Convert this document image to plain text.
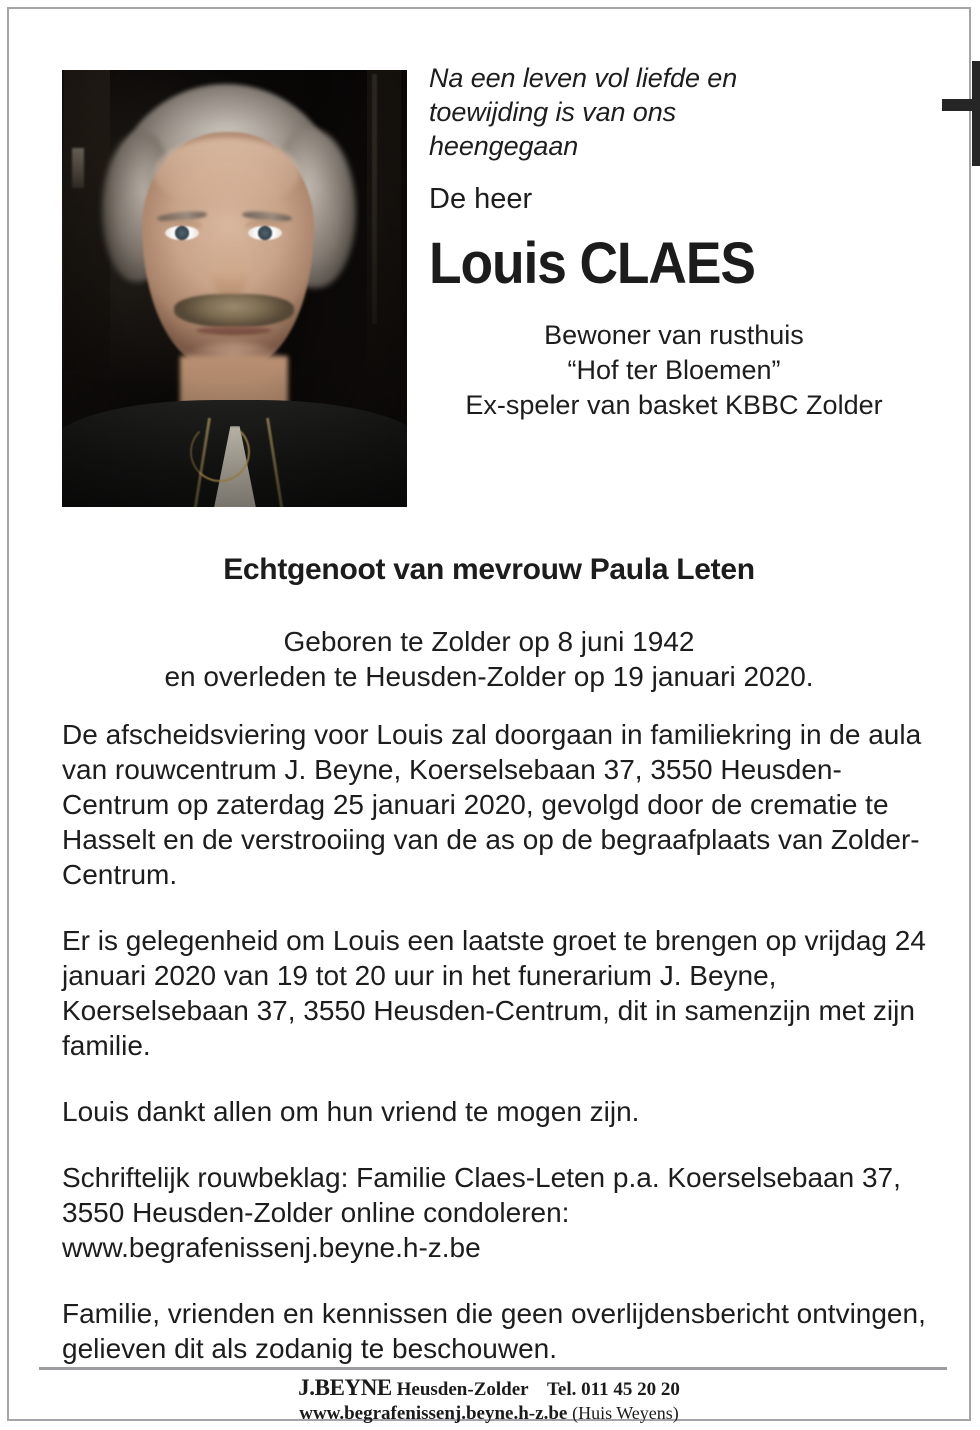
Na een leven vol liefde en toewijding is van ons heengegaan
De heer
Louis CLAES
Bewoner van rusthuis
“Hof ter Bloemen”
Ex-speler van basket KBBC Zolder
Echtgenoot van mevrouw Paula Leten
Geboren te Zolder op 8 juni 1942
en overleden te Heusden-Zolder op 19 januari 2020.

De afscheidsviering voor Louis zal doorgaan in familiekring in de aula van rouwcentrum J. Beyne, Koerselsebaan 37, 3550 Heusden-Centrum op zaterdag 25 januari 2020, gevolgd door de crematie te Hasselt en de verstrooiing van de as op de begraafplaats van Zolder-Centrum.

Er is gelegenheid om Louis een laatste groet te brengen op vrijdag 24 januari 2020 van 19 tot 20 uur in het funerarium J. Beyne, Koerselsebaan 37, 3550 Heusden-Centrum, dit in samenzijn met zijn familie.

Louis dankt allen om hun vriend te mogen zijn.

Schriftelijk rouwbeklag: Familie Claes-Leten p.a. Koerselsebaan 37, 3550 Heusden-Zolder online condoleren: www.begrafenissenj.beyne.h-z.be

Familie, vrienden en kennissen die geen overlijdensbericht ontvingen, gelieven dit als zodanig te beschouwen.

J.BEYNE Heusden-Zolder Tel. 011 45 20 20
www.begrafenissenj.beyne.h-z.be (Huis Weyens)
